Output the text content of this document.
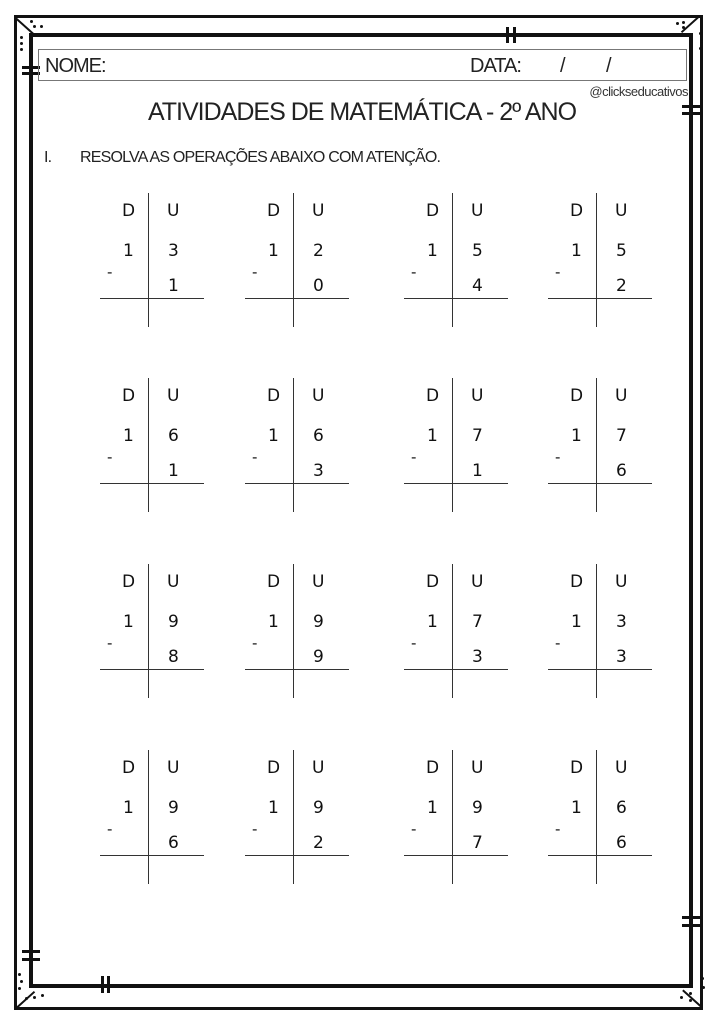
NOME:	DATA: / /
@clickseducativos
ATIVIDADES DE MATEMÁTICA - 2º ANO
I. RESOLVA AS OPERAÇÕES ABAIXO COM ATENÇÃO.
D U
1 3
-
1
D U
1 2
-
0
D U
1 5
-
4
D U
1 5
-
2
D U
1 6
-
1
D U
1 6
-
3
D U
1 7
-
1
D U
1 7
-
6
D U
1 9
-
8
D U
1 9
-
9
D U
1 7
-
3
D U
1 3
-
3
D U
1 9
-
6
D U
1 9
-
2
D U
1 9
-
7
D U
1 6
-
6
